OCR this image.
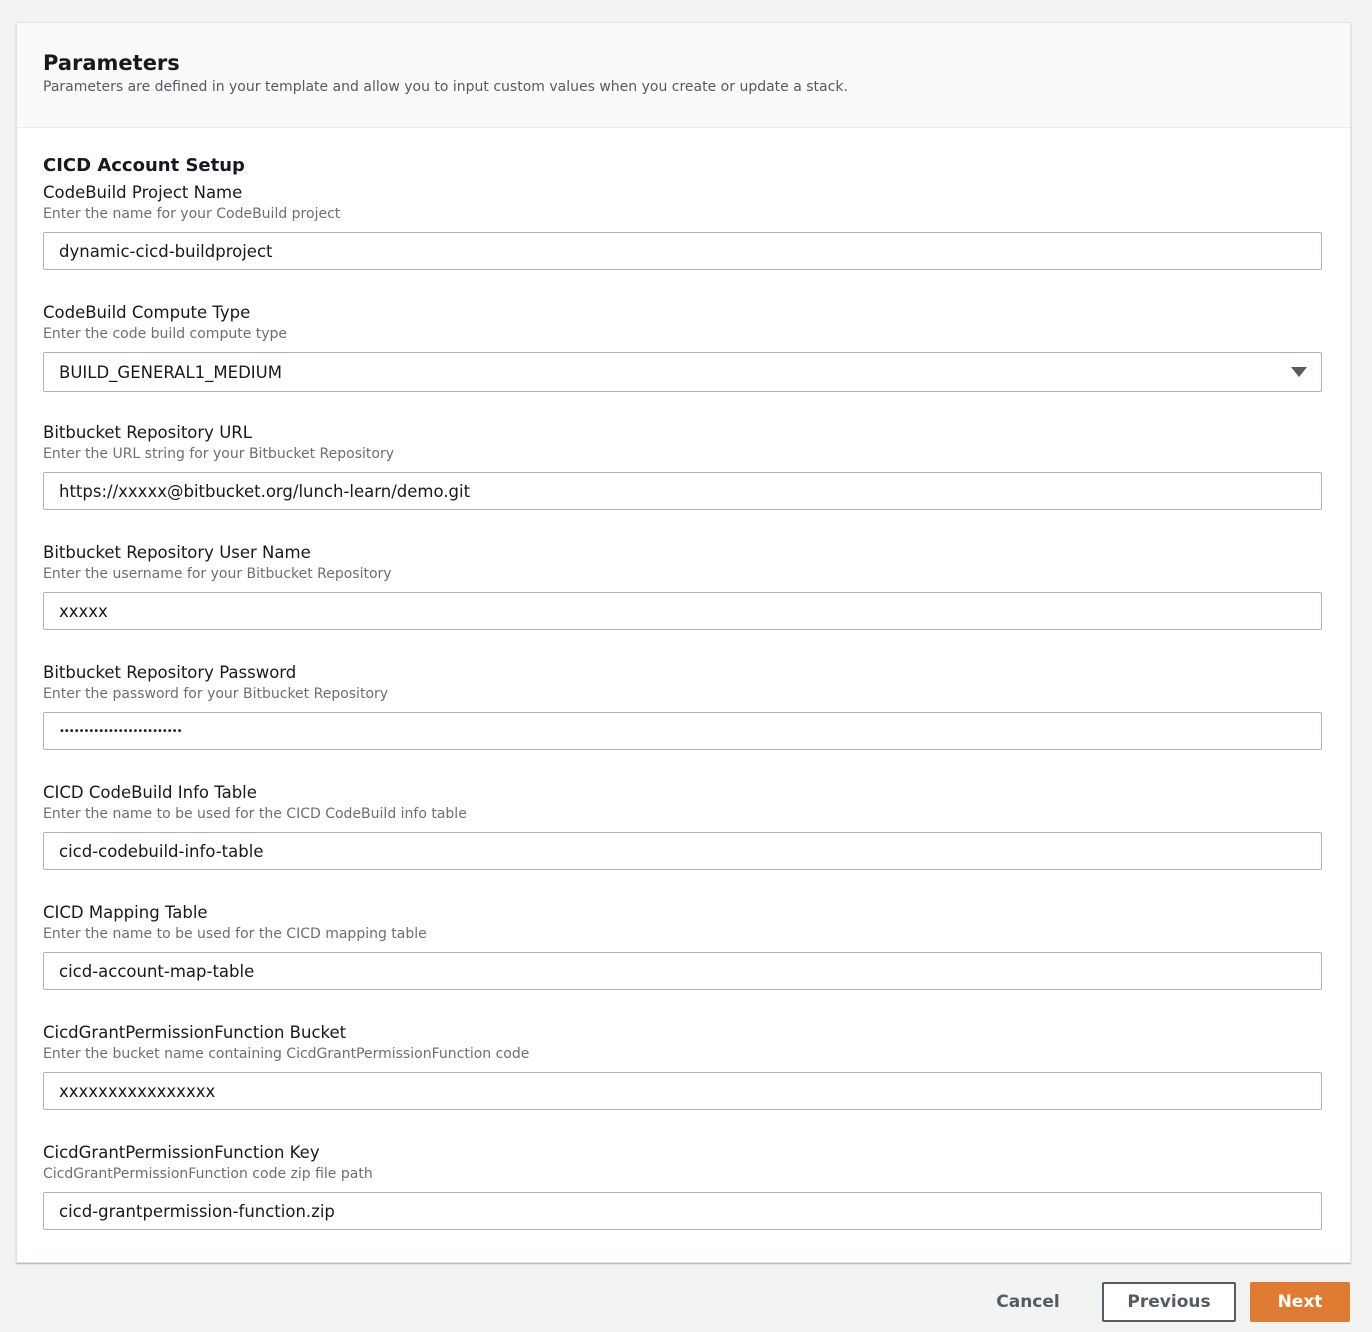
Parameters

Parameters are defined in your template and allow you to input custom values when you create or update a stack.

CICD Account Setup
CodeBuild Project Name
Enter the name for your CodeBuild project
dynamic-cicd-buildproject
CodeBuild Compute Type
Enter the code build compute type
BUILD_GENERAL1_MEDIUM
Bitbucket Repository URL
Enter the URL string for your Bitbucket Repository
https://xxxxx@bitbucket.org/lunch-learn/demo.git
Bitbucket Repository User Name
Enter the username for your Bitbucket Repository
xxxxx
Bitbucket Repository Password
Enter the password for your Bitbucket Repository
•••••••••••••••••••••••••
CICD CodeBuild Info Table
Enter the name to be used for the CICD CodeBuild info table
cicd-codebuild-info-table
CICD Mapping Table
Enter the name to be used for the CICD mapping table
cicd-account-map-table
CicdGrantPermissionFunction Bucket
Enter the bucket name containing CicdGrantPermissionFunction code
xxxxxxxxxxxxxxxx
CicdGrantPermissionFunction Key
CicdGrantPermissionFunction code zip file path
cicd-grantpermission-function.zip
Cancel	Previous	Next
